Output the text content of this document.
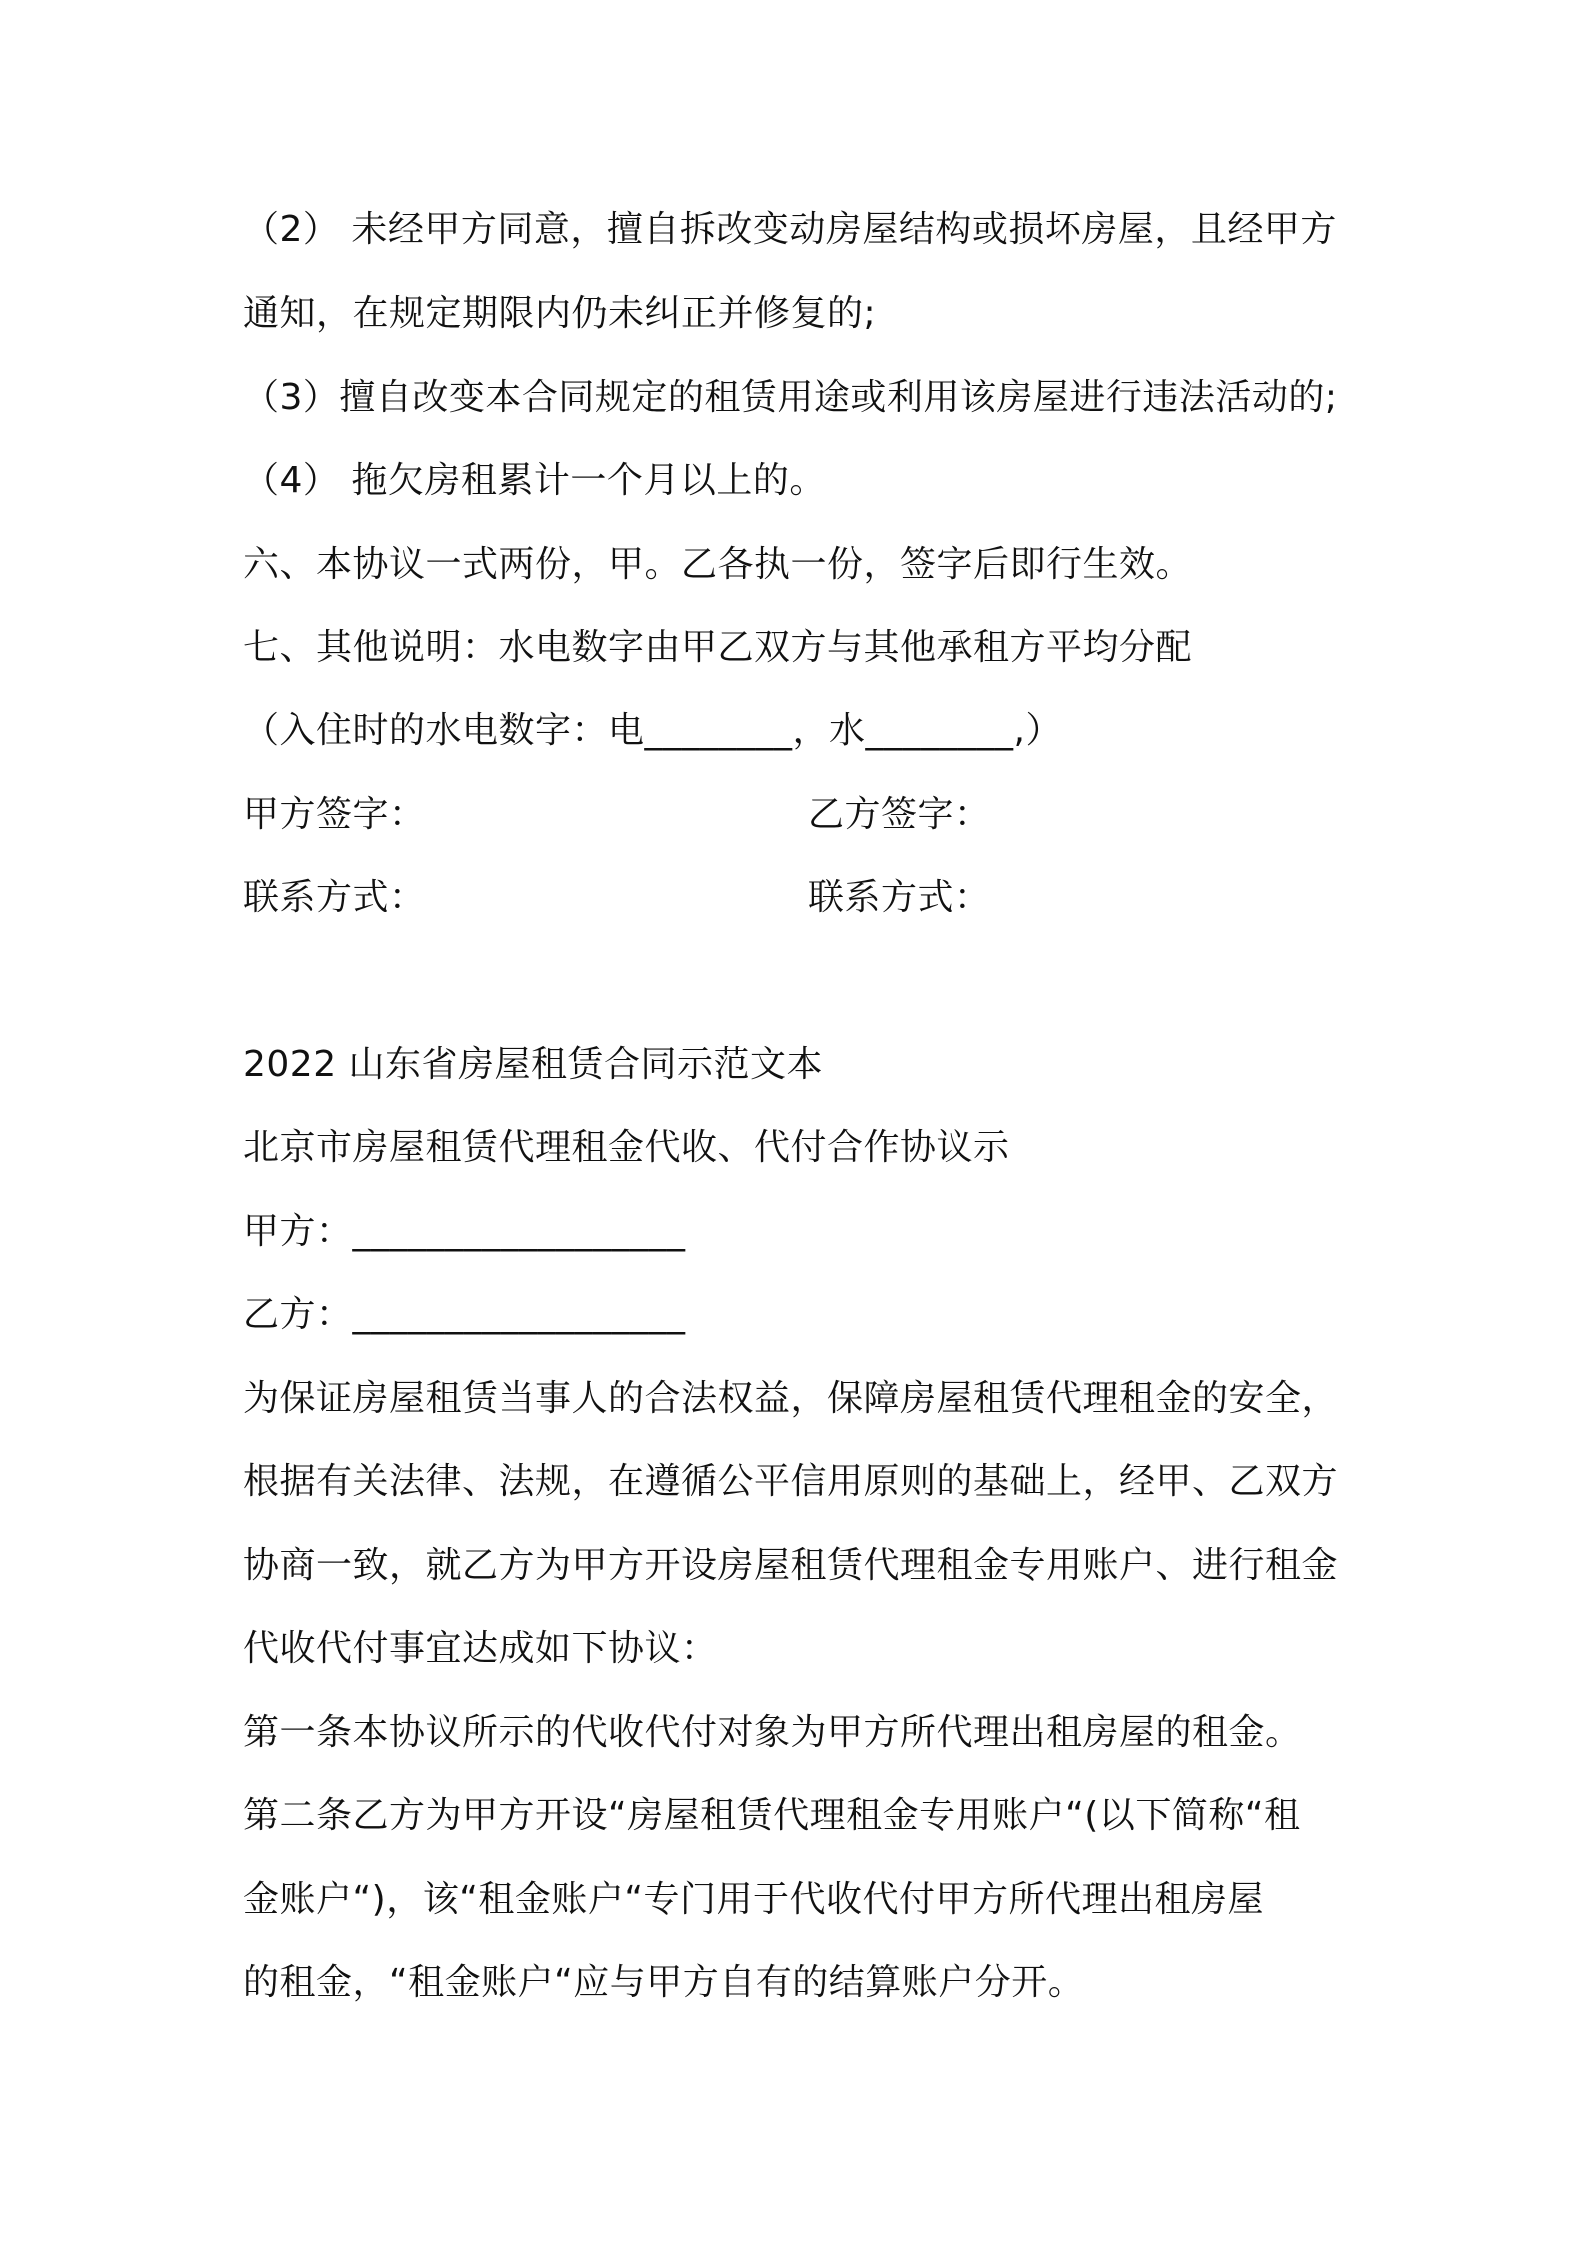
（2） 未经甲方同意，擅自拆改变动房屋结构或损坏房屋，且经甲方
通知，在规定期限内仍未纠正并修复的;
（3）擅自改变本合同规定的租赁用途或利用该房屋进行违法活动的;
（4） 拖欠房租累计一个月以上的。
六、本协议一式两份，甲。乙各执一份，签字后即行生效。
七、其他说明：水电数字由甲乙双方与其他承租方平均分配
（入住时的水电数字：电________，水________,）
甲方签字：	乙方签字：
联系方式：	联系方式：
2022 山东省房屋租赁合同示范文本
北京市房屋租赁代理租金代收、代付合作协议示
甲方：__________________
乙方：__________________
为保证房屋租赁当事人的合法权益，保障房屋租赁代理租金的安全，
根据有关法律、法规，在遵循公平信用原则的基础上，经甲、乙双方
协商一致，就乙方为甲方开设房屋租赁代理租金专用账户、进行租金
代收代付事宜达成如下协议：
第一条本协议所示的代收代付对象为甲方所代理出租房屋的租金。
第二条乙方为甲方开设“房屋租赁代理租金专用账户“(以下简称“租
金账户“)，该“租金账户“专门用于代收代付甲方所代理出租房屋
的租金，“租金账户“应与甲方自有的结算账户分开。
